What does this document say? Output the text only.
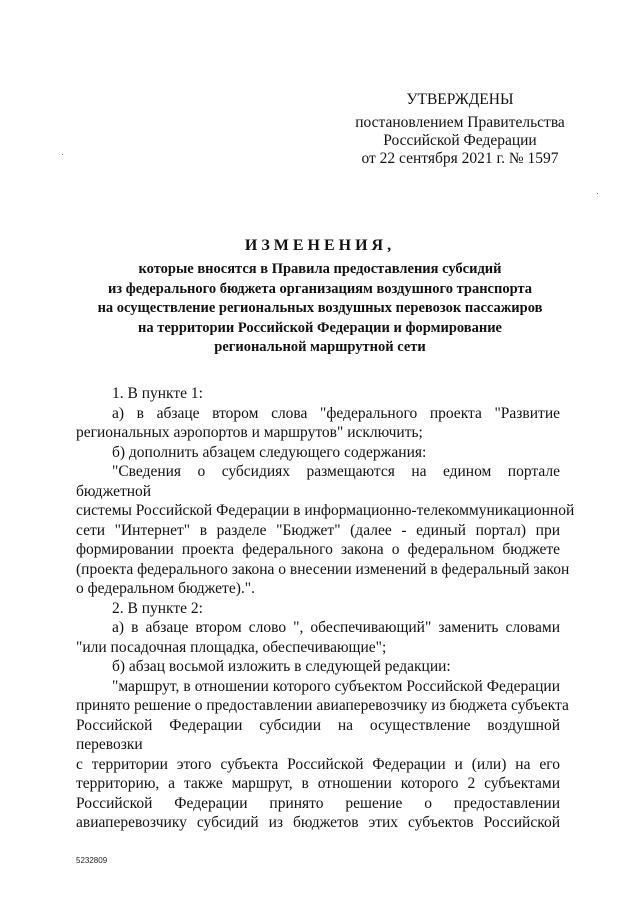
УТВЕРЖДЕНЫ
постановлением Правительства
Российской Федерации
от 22 сентября 2021 г. № 1597
ИЗМЕНЕНИЯ,
которые вносятся в Правила предоставления субсидий
из федерального бюджета организациям воздушного транспорта
на осуществление региональных воздушных перевозок пассажиров
на территории Российской Федерации и формирование
региональной маршрутной сети

1. В пункте 1:

а) в абзаце втором слова "федерального проекта "Развитие

региональных аэропортов и маршрутов" исключить;

б) дополнить абзацем следующего содержания:

"Сведения о субсидиях размещаются на едином портале бюджетной

системы Российской Федерации в информационно-телекоммуникационной

сети "Интернет" в разделе "Бюджет" (далее - единый портал) при

формировании проекта федерального закона о федеральном бюджете

(проекта федерального закона о внесении изменений в федеральный закон

о федеральном бюджете).".

2. В пункте 2:

а) в абзаце втором слово ", обеспечивающий" заменить словами

"или посадочная площадка, обеспечивающие";

б) абзац восьмой изложить в следующей редакции:

"маршрут, в отношении которого субъектом Российской Федерации

принято решение о предоставлении авиаперевозчику из бюджета субъекта

Российской Федерации субсидии на осуществление воздушной перевозки

с территории этого субъекта Российской Федерации и (или) на его

территорию, а также маршрут, в отношении которого 2 субъектами

Российской Федерации принято решение о предоставлении

авиаперевозчику субсидий из бюджетов этих субъектов Российской

5232809
